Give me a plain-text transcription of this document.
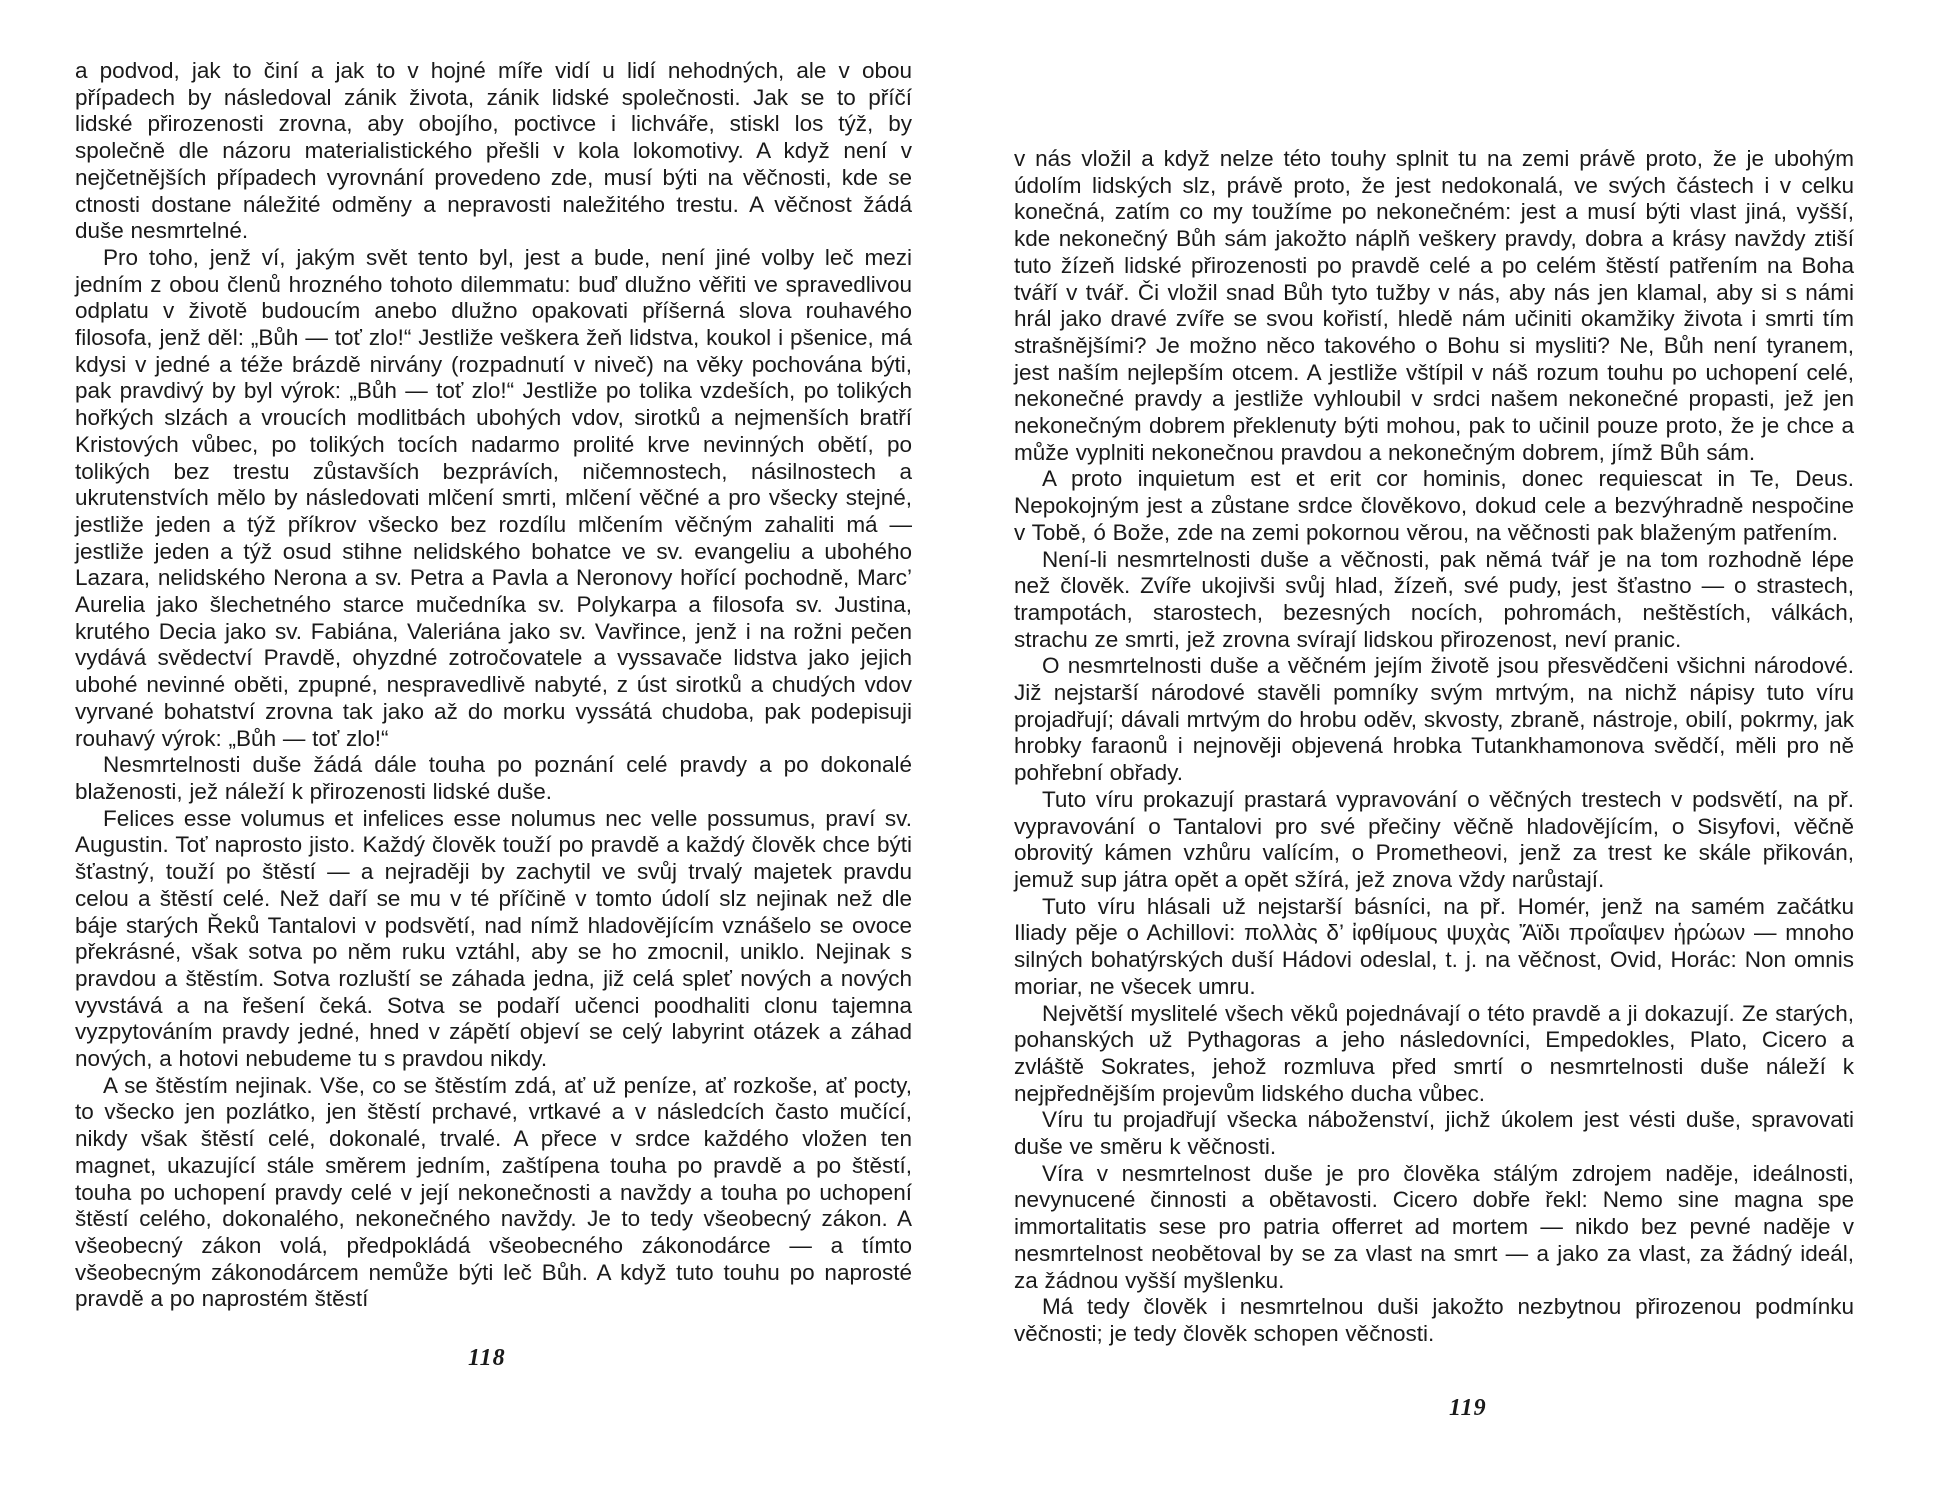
a podvod, jak to činí a jak to v hojné míře vidí u lidí nehodných, ale v obou případech by následoval zánik života, zánik lidské společnosti. Jak se to příčí lidské přirozenosti zrovna, aby obojího, poctivce i lichváře, stiskl los týž, by společně dle názoru materialistického přešli v kola lokomotivy. A když není v nejčetnějších případech vyrovnání provedeno zde, musí býti na věčnosti, kde se ctnosti dostane náležité odměny a nepravosti naležitého trestu. A věčnost žádá duše nesmrtelné.

Pro toho, jenž ví, jakým svět tento byl, jest a bude, není jiné volby leč mezi jedním z obou členů hrozného tohoto dilemmatu: buď dlužno věřiti ve spravedlivou odplatu v životě budoucím anebo dlužno opakovati příšerná slova rouhavého filosofa, jenž děl: „Bůh — toť zlo!“ Jestliže veškera žeň lidstva, koukol i pšenice, má kdysi v jedné a téže brázdě nirvány (rozpadnutí v niveč) na věky pochována býti, pak pravdivý by byl výrok: „Bůh — toť zlo!“ Jestliže po tolika vzdeších, po tolikých hořkých slzách a vroucích modlitbách ubohých vdov, sirotků a nejmenších bratří Kristových vůbec, po tolikých tocích nadarmo prolité krve nevinných obětí, po tolikých bez trestu zůstavších bezprávích, ničemnostech, násilnostech a ukrutenstvích mělo by následovati mlčení smrti, mlčení věčné a pro všecky stejné, jestliže jeden a týž příkrov všecko bez rozdílu mlčením věčným zahaliti má — jestliže jeden a týž osud stihne nelidského bohatce ve sv. evangeliu a ubohého Lazara, nelidského Nerona a sv. Petra a Pavla a Neronovy hořící pochodně, Marc’ Aurelia jako šlechetného starce mučedníka sv. Polykarpa a filosofa sv. Justina, krutého Decia jako sv. Fabiána, Valeriána jako sv. Vavřince, jenž i na rožni pečen vydává svědectví Pravdě, ohyzdné zotročovatele a vyssavače lidstva jako jejich ubohé nevinné oběti, zpupné, nespravedlivě nabyté, z úst sirotků a chudých vdov vyrvané bohatství zrovna tak jako až do morku vyssátá chudoba, pak podepisuji rouhavý výrok: „Bůh — toť zlo!“

Nesmrtelnosti duše žádá dále touha po poznání celé pravdy a po dokonalé blaženosti, jež náleží k přirozenosti lidské duše.

Felices esse volumus et infelices esse nolumus nec velle possumus, praví sv. Augustin. Toť naprosto jisto. Každý člověk touží po pravdě a každý člověk chce býti šťastný, touží po štěstí — a nejraději by zachytil ve svůj trvalý majetek pravdu celou a štěstí celé. Než daří se mu v té příčině v tomto údolí slz nejinak než dle báje starých Řeků Tantalovi v podsvětí, nad nímž hladovějícím vznášelo se ovoce překrásné, však sotva po něm ruku vztáhl, aby se ho zmocnil, uniklo. Nejinak s pravdou a štěstím. Sotva rozluští se záhada jedna, již celá spleť nových a nových vyvstává a na řešení čeká. Sotva se podaří učenci poodhaliti clonu tajemna vyzpytováním pravdy jedné, hned v zápětí objeví se celý labyrint otázek a záhad nových, a hotovi nebudeme tu s pravdou nikdy.

A se štěstím nejinak. Vše, co se štěstím zdá, ať už peníze, ať rozkoše, ať pocty, to všecko jen pozlátko, jen štěstí prchavé, vrtkavé a v následcích často mučící, nikdy však štěstí celé, dokonalé, trvalé. A přece v srdce každého vložen ten magnet, ukazující stále směrem jedním, zaštípena touha po pravdě a po štěstí, touha po uchopení pravdy celé v její nekonečnosti a navždy a touha po uchopení štěstí celého, dokonalého, nekonečného navždy. Je to tedy všeobecný zákon. A všeobecný zákon volá, předpokládá všeobecného zákonodárce — a tímto všeobecným zákonodárcem nemůže býti leč Bůh. A když tuto touhu po naprosté pravdě a po naprostém štěstí

118

v nás vložil a když nelze této touhy splnit tu na zemi právě proto, že je ubohým údolím lidských slz, právě proto, že jest nedokonalá, ve svých částech i v celku konečná, zatím co my toužíme po nekonečném: jest a musí býti vlast jiná, vyšší, kde nekonečný Bůh sám jakožto náplň veškery pravdy, dobra a krásy navždy ztiší tuto žízeň lidské přirozenosti po pravdě celé a po celém štěstí patřením na Boha tváří v tvář. Či vložil snad Bůh tyto tužby v nás, aby nás jen klamal, aby si s námi hrál jako dravé zvíře se svou kořistí, hledě nám učiniti okamžiky života i smrti tím strašnějšími? Je možno něco takového o Bohu si mysliti? Ne, Bůh není tyranem, jest naším nejlepším otcem. A jestliže vštípil v náš rozum touhu po uchopení celé, nekonečné pravdy a jestliže vyhloubil v srdci našem nekonečné propasti, jež jen nekonečným dobrem překlenuty býti mohou, pak to učinil pouze proto, že je chce a může vyplniti nekonečnou pravdou a nekonečným dobrem, jímž Bůh sám.

A proto inquietum est et erit cor hominis, donec requiescat in Te, Deus. Nepokojným jest a zůstane srdce člověkovo, dokud cele a bezvýhradně nespočine v Tobě, ó Bože, zde na zemi pokornou věrou, na věčnosti pak blaženým patřením.

Není-li nesmrtelnosti duše a věčnosti, pak němá tvář je na tom rozhodně lépe než člověk. Zvíře ukojivši svůj hlad, žízeň, své pudy, jest šťastno — o strastech, trampotách, starostech, bezesných nocích, pohromách, neštěstích, válkách, strachu ze smrti, jež zrovna svírají lidskou přirozenost, neví pranic.

O nesmrtelnosti duše a věčném jejím životě jsou přesvědčeni všichni národové. Již nejstarší národové stavěli pomníky svým mrtvým, na nichž nápisy tuto víru projadřují; dávali mrtvým do hrobu oděv, skvosty, zbraně, nástroje, obilí, pokrmy, jak hrobky faraonů i nejnověji objevená hrobka Tutankhamonova svědčí, měli pro ně pohřební obřady.

Tuto víru prokazují prastará vypravování o věčných trestech v podsvětí, na př. vypravování o Tantalovi pro své přečiny věčně hladovějícím, o Sisyfovi, věčně obrovitý kámen vzhůru valícím, o Prometheovi, jenž za trest ke skále přikován, jemuž sup játra opět a opět sžírá, jež znova vždy narůstají.

Tuto víru hlásali už nejstarší básníci, na př. Homér, jenž na samém začátku Iliady pěje o Achillovi: πολλὰς δ’ ἰφθίμους ψυχὰς Ἄϊδι προΐαψεν ἡρώων — mnoho silných bohatýrských duší Hádovi odeslal, t. j. na věčnost, Ovid, Horác: Non omnis moriar, ne všecek umru.

Největší myslitelé všech věků pojednávají o této pravdě a ji dokazují. Ze starých, pohanských už Pythagoras a jeho následovníci, Empedokles, Plato, Cicero a zvláště Sokrates, jehož rozmluva před smrtí o nesmrtelnosti duše náleží k nejpřednějším projevům lidského ducha vůbec.

Víru tu projadřují všecka náboženství, jichž úkolem jest vésti duše, spravovati duše ve směru k věčnosti.

Víra v nesmrtelnost duše je pro člověka stálým zdrojem naděje, ideálnosti, nevynucené činnosti a obětavosti. Cicero dobře řekl: Nemo sine magna spe immortalitatis sese pro patria offerret ad mortem — nikdo bez pevné naděje v nesmrtelnost neobětoval by se za vlast na smrt — a jako za vlast, za žádný ideál, za žádnou vyšší myšlenku.

Má tedy člověk i nesmrtelnou duši jakožto nezbytnou přirozenou podmínku věčnosti; je tedy člověk schopen věčnosti.

119
